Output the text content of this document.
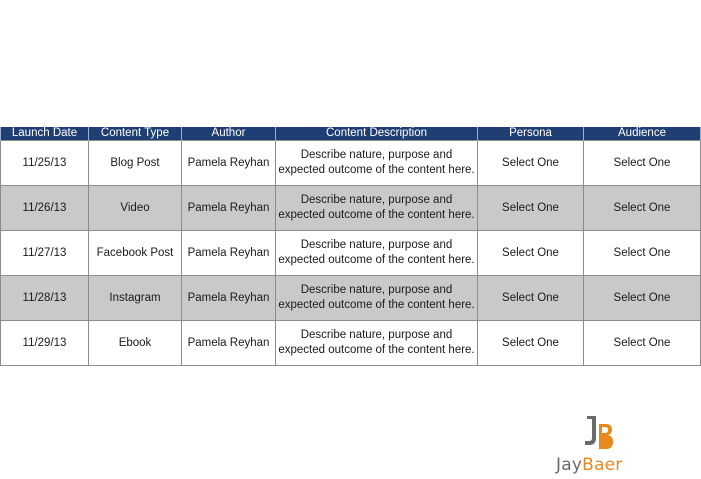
Launch Date	Content Type	Author	Content Description	Persona	Audience
11/25/13	Blog Post	Pamela Reyhan	Describe nature, purpose and expected outcome of the content here.	Select One	Select One
11/26/13	Video	Pamela Reyhan	Describe nature, purpose and expected outcome of the content here.	Select One	Select One
11/27/13	Facebook Post	Pamela Reyhan	Describe nature, purpose and expected outcome of the content here.	Select One	Select One
11/28/13	Instagram	Pamela Reyhan	Describe nature, purpose and expected outcome of the content here.	Select One	Select One
11/29/13	Ebook	Pamela Reyhan	Describe nature, purpose and expected outcome of the content here.	Select One	Select One
JayBaer
